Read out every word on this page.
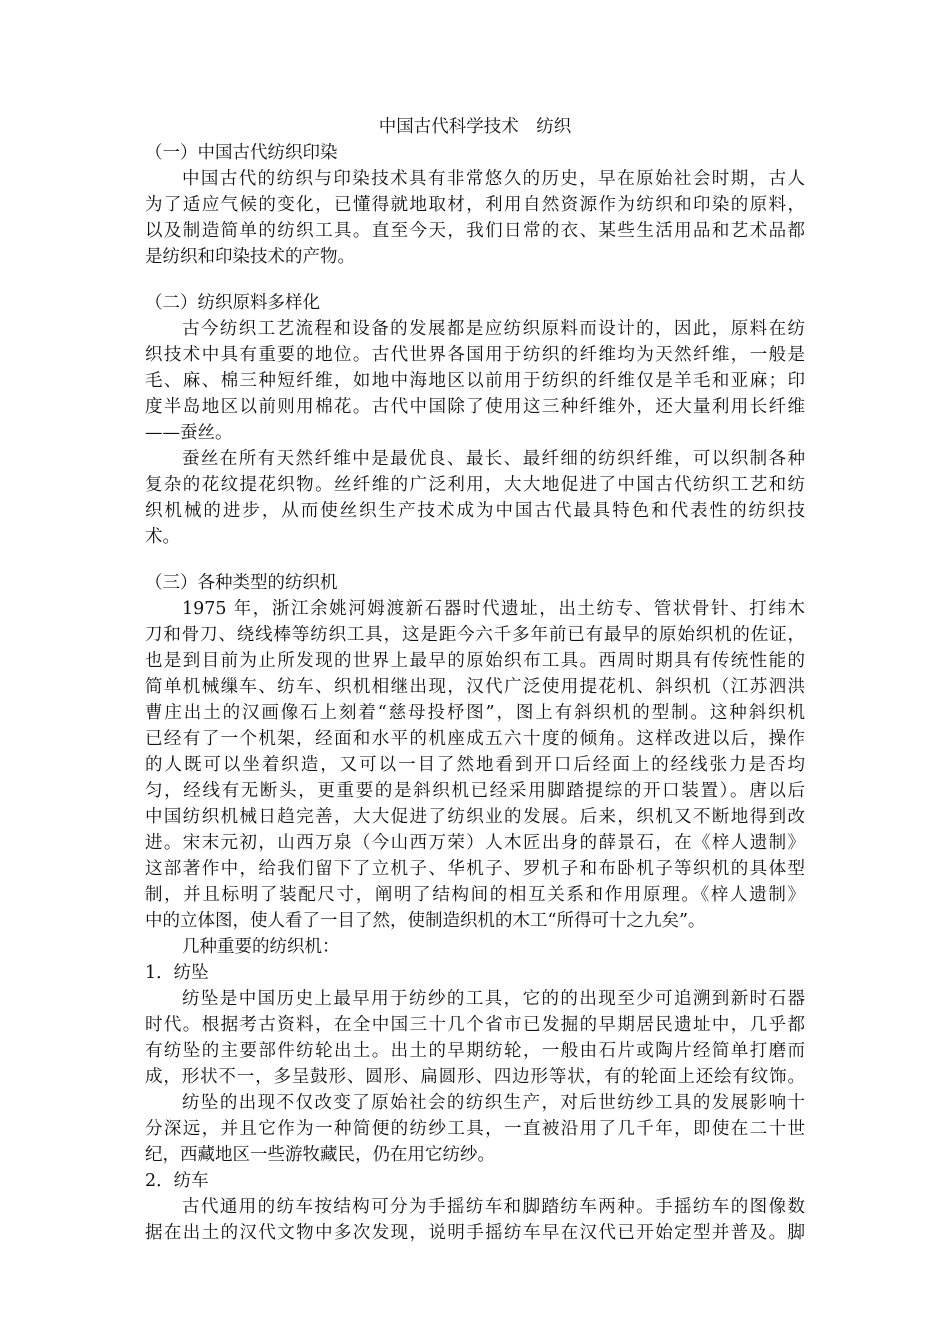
中国古代科学技术　纺织
（一）中国古代纺织印染
中国古代的纺织与印染技术具有非常悠久的历史，早在原始社会时期，古人
为了适应气候的变化，已懂得就地取材，利用自然资源作为纺织和印染的原料，
以及制造简单的纺织工具。直至今天，我们日常的衣、某些生活用品和艺术品都
是纺织和印染技术的产物。
（二）纺织原料多样化
古今纺织工艺流程和设备的发展都是应纺织原料而设计的，因此，原料在纺
织技术中具有重要的地位。古代世界各国用于纺织的纤维均为天然纤维，一般是
毛、麻、棉三种短纤维，如地中海地区以前用于纺织的纤维仅是羊毛和亚麻；印
度半岛地区以前则用棉花。古代中国除了使用这三种纤维外，还大量利用长纤维
——蚕丝。
蚕丝在所有天然纤维中是最优良、最长、最纤细的纺织纤维，可以织制各种
复杂的花纹提花织物。丝纤维的广泛利用，大大地促进了中国古代纺织工艺和纺
织机械的进步，从而使丝织生产技术成为中国古代最具特色和代表性的纺织技
术。
（三）各种类型的纺织机
1975 年，浙江余姚河姆渡新石器时代遗址，出土纺专、管状骨针、打纬木
刀和骨刀、绕线棒等纺织工具，这是距今六千多年前已有最早的原始织机的佐证，
也是到目前为止所发现的世界上最早的原始织布工具。西周时期具有传统性能的
简单机械缫车、纺车、织机相继出现，汉代广泛使用提花机、斜织机（江苏泗洪
曹庄出土的汉画像石上刻着“慈母投杼图”，图上有斜织机的型制。这种斜织机
已经有了一个机架，经面和水平的机座成五六十度的倾角。这样改进以后，操作
的人既可以坐着织造，又可以一目了然地看到开口后经面上的经线张力是否均
匀，经线有无断头，更重要的是斜织机已经采用脚踏提综的开口装置）。唐以后
中国纺织机械日趋完善，大大促进了纺织业的发展。后来，织机又不断地得到改
进。宋末元初，山西万泉（今山西万荣）人木匠出身的薛景石，在《梓人遗制》
这部著作中，给我们留下了立机子、华机子、罗机子和布卧机子等织机的具体型
制，并且标明了装配尺寸，阐明了结构间的相互关系和作用原理。《梓人遗制》
中的立体图，使人看了一目了然，使制造织机的木工“所得可十之九矣”。
几种重要的纺织机：
1．纺坠
纺坠是中国历史上最早用于纺纱的工具，它的的出现至少可追溯到新时石器
时代。根据考古资料，在全中国三十几个省市已发掘的早期居民遗址中，几乎都
有纺坠的主要部件纺轮出土。出土的早期纺轮，一般由石片或陶片经简单打磨而
成，形状不一，多呈鼓形、圆形、扁圆形、四边形等状，有的轮面上还绘有纹饰。
纺坠的出现不仅改变了原始社会的纺织生产，对后世纺纱工具的发展影响十
分深远，并且它作为一种简便的纺纱工具，一直被沿用了几千年，即使在二十世
纪，西藏地区一些游牧藏民，仍在用它纺纱。
2．纺车
古代通用的纺车按结构可分为手摇纺车和脚踏纺车两种。手摇纺车的图像数
据在出土的汉代文物中多次发现，说明手摇纺车早在汉代已开始定型并普及。脚
